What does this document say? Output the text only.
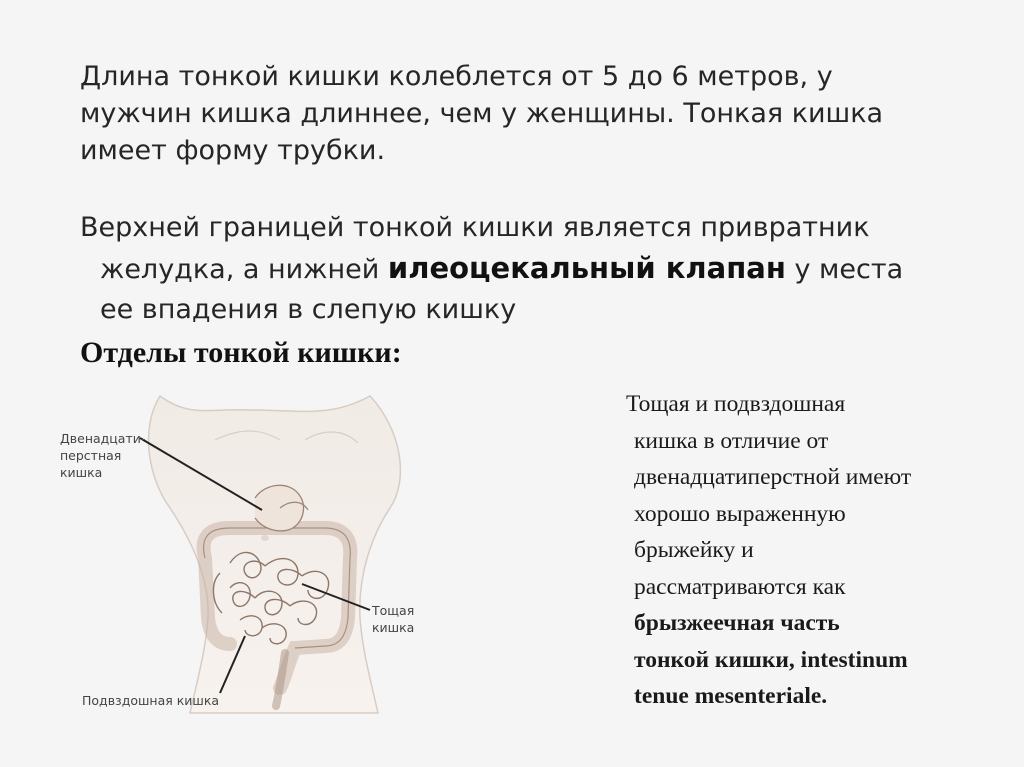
Длина тонкой кишки колеблется от 5 до 6 метров, у мужчин кишка длиннее, чем у женщины. Тонкая кишка имеет форму трубки.
Верхней границей тонкой кишки является привратник
желудка, а нижней илеоцекальный клапан у места
ее впадения в слепую кишку
Отделы тонкой кишки:
Двенадцати-
перстная
кишка
Тощая
кишка
Подвздошная кишка
Тощая и подвздошная
кишка в отличие от
двенадцатиперстной имеют
хорошо выраженную
брыжейку и
рассматриваются как
брызжеечная часть
тонкой кишки, intestinum
tenue mesenteriale.
